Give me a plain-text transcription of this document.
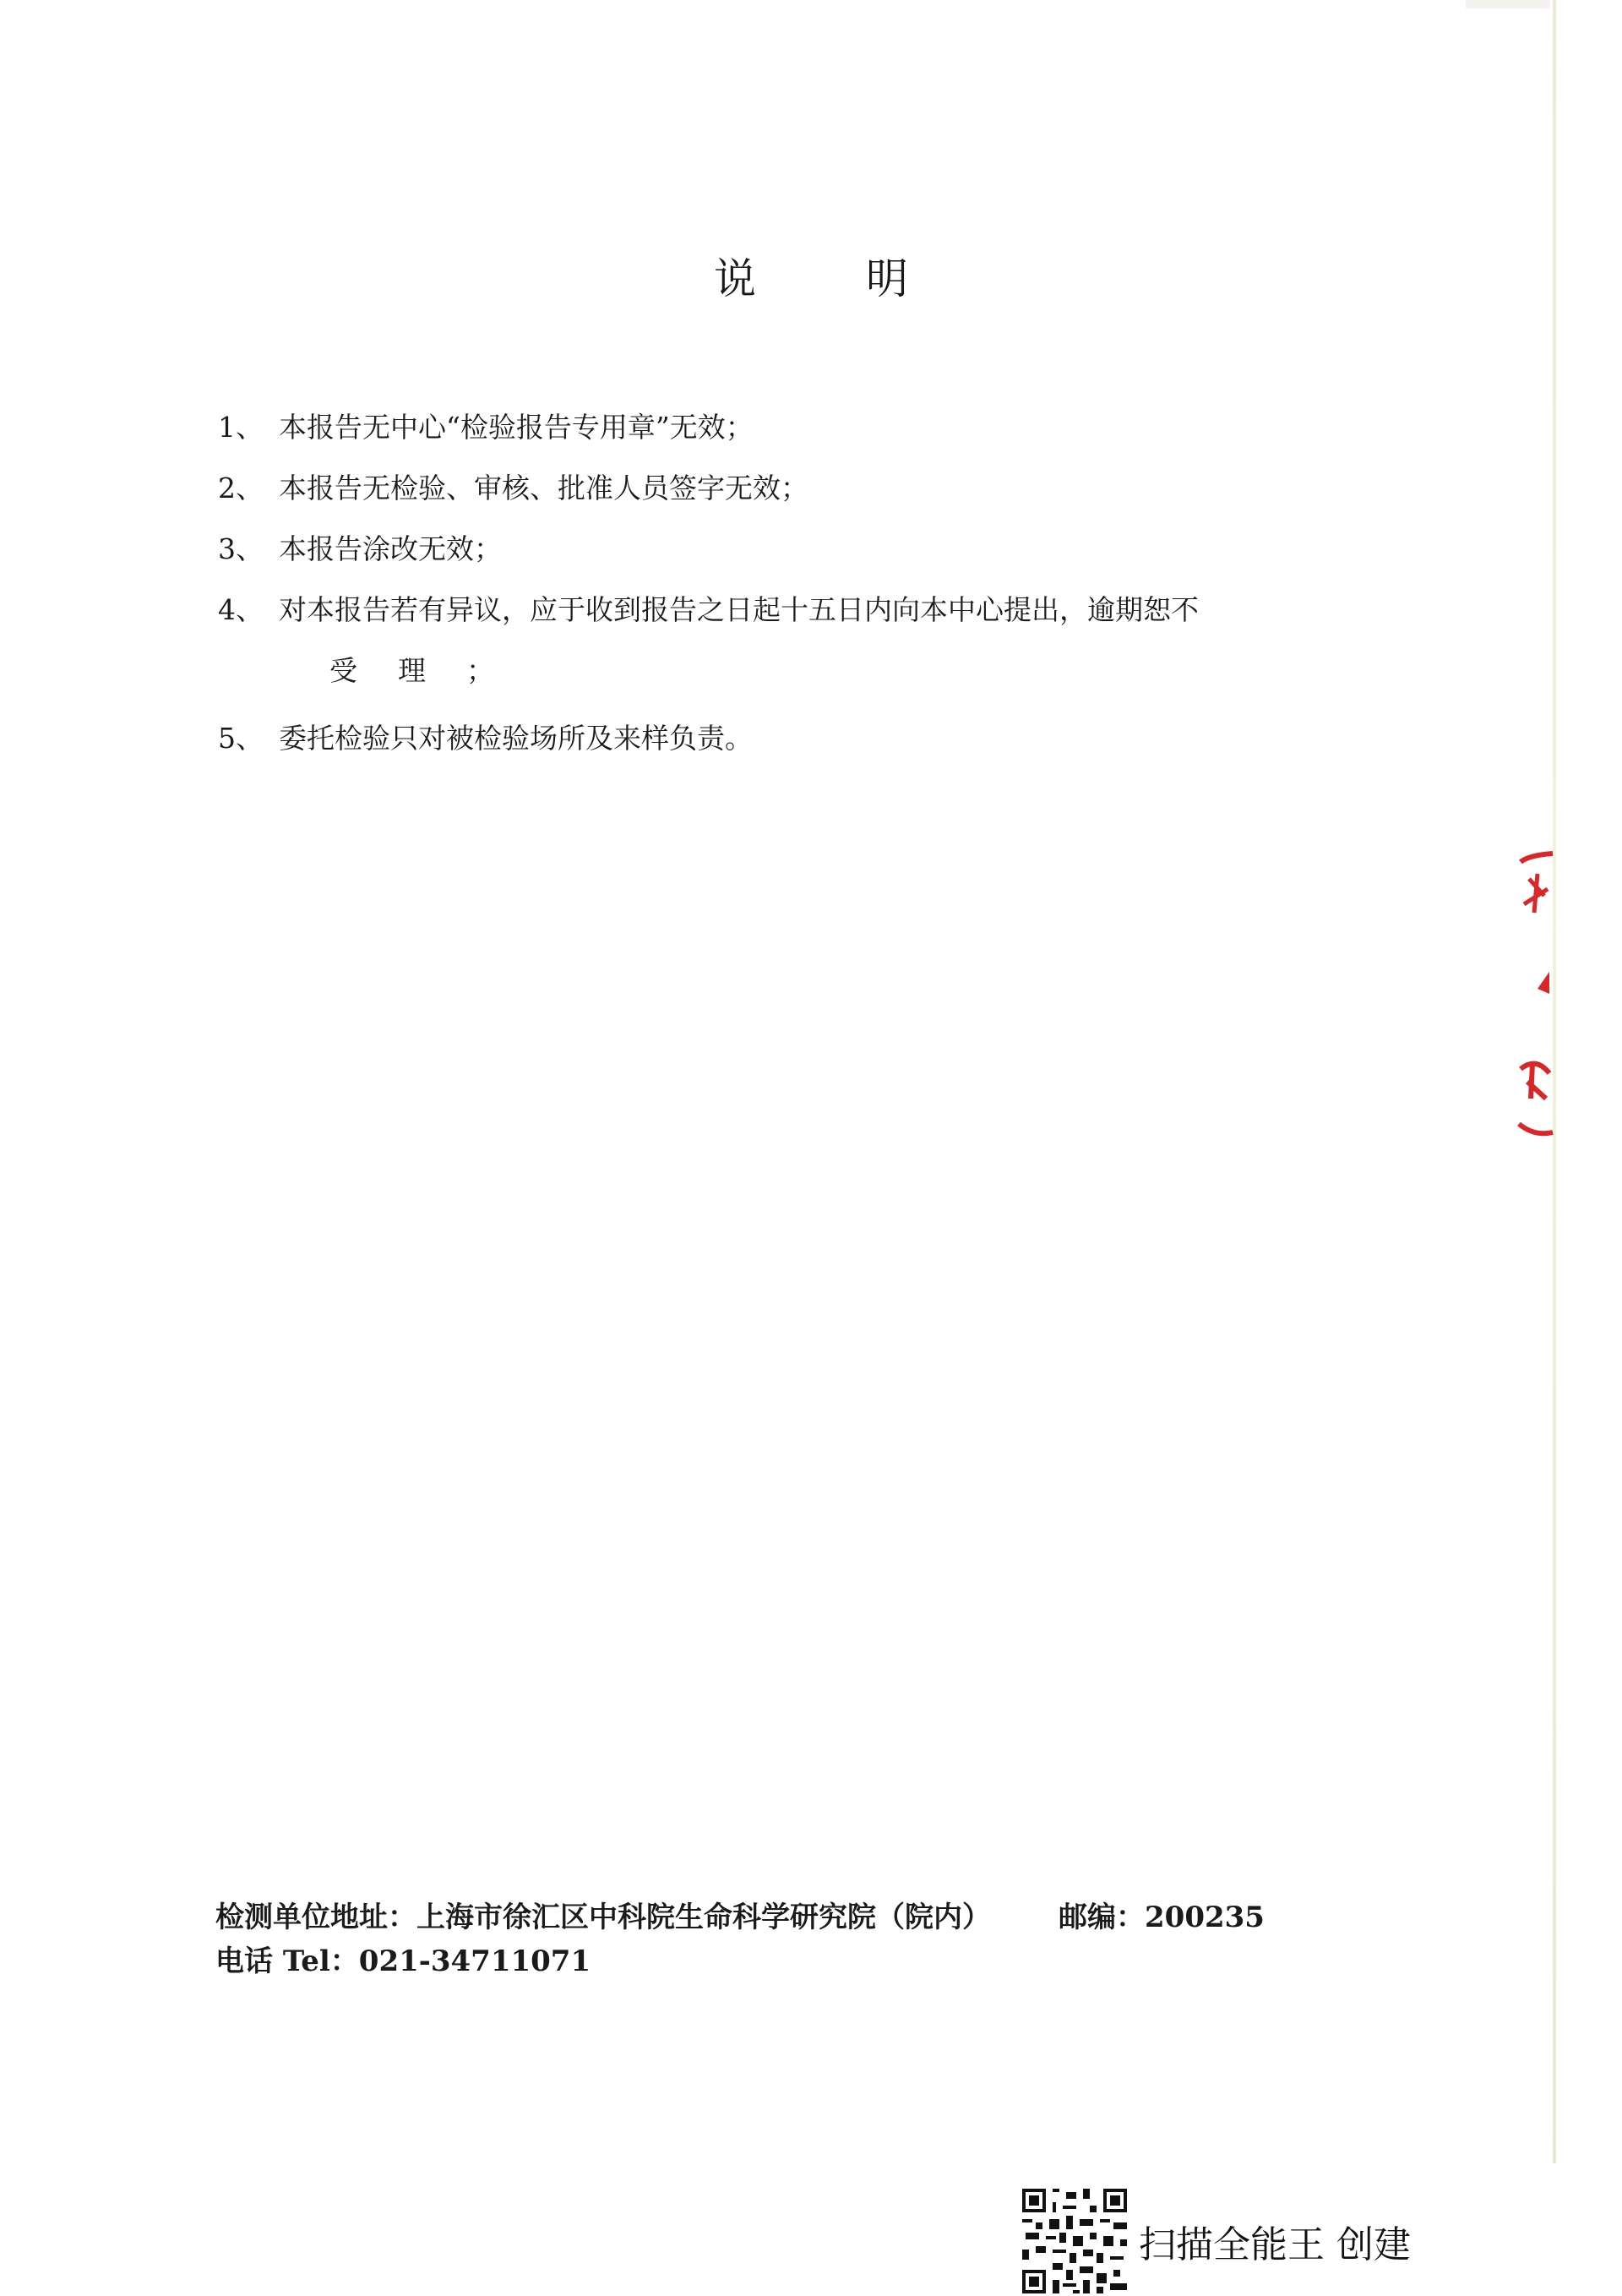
说	明
1、 本报告无中心“检验报告专用章”无效；
2、 本报告无检验、审核、批准人员签字无效；
3、 本报告涂改无效；
4、 对本报告若有异议，应于收到报告之日起十五日内向本中心提出，逾期恕不
受理；
5、 委托检验只对被检验场所及来样负责。
检测单位地址：上海市徐汇区中科院生命科学研究院（院内） 邮编：200235
电话 Tel：021-34711071
扫描全能王 创建
